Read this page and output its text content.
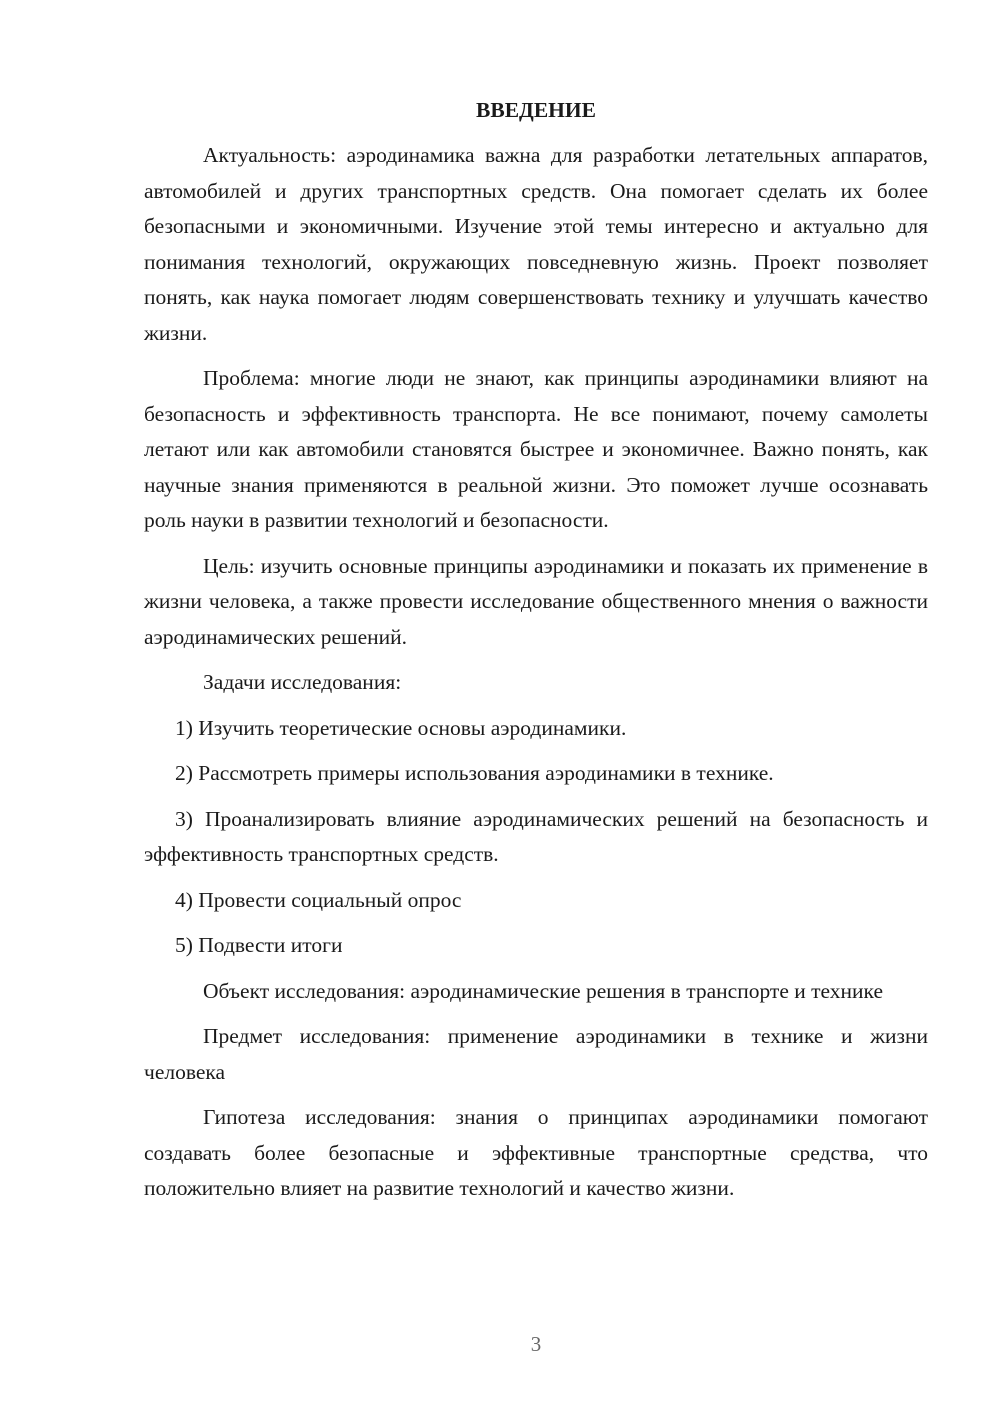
ВВЕДЕНИЕ

Актуальность: аэродинамика важна для разработки летательных аппаратов, автомобилей и других транспортных средств. Она помогает сделать их более безопасными и экономичными. Изучение этой темы интересно и актуально для понимания технологий, окружающих повседневную жизнь. Проект позволяет понять, как наука помогает людям совершенствовать технику и улучшать качество жизни.

Проблема: многие люди не знают, как принципы аэродинамики влияют на безопасность и эффективность транспорта. Не все понимают, почему самолеты летают или как автомобили становятся быстрее и экономичнее. Важно понять, как научные знания применяются в реальной жизни. Это поможет лучше осознавать роль науки в развитии технологий и безопасности.

Цель: изучить основные принципы аэродинамики и показать их применение в жизни человека, а также провести исследование общественного мнения о важности аэродинамических решений.

Задачи исследования:

1) Изучить теоретические основы аэродинамики.

2) Рассмотреть примеры использования аэродинамики в технике.

3) Проанализировать влияние аэродинамических решений на безопасность и эффективность транспортных средств.

4) Провести социальный опрос

5) Подвести итоги

Объект исследования: аэродинамические решения в транспорте и технике

Предмет исследования: применение аэродинамики в технике и жизни человека

Гипотеза исследования: знания о принципах аэродинамики помогают создавать более безопасные и эффективные транспортные средства, что положительно влияет на развитие технологий и качество жизни.

3
